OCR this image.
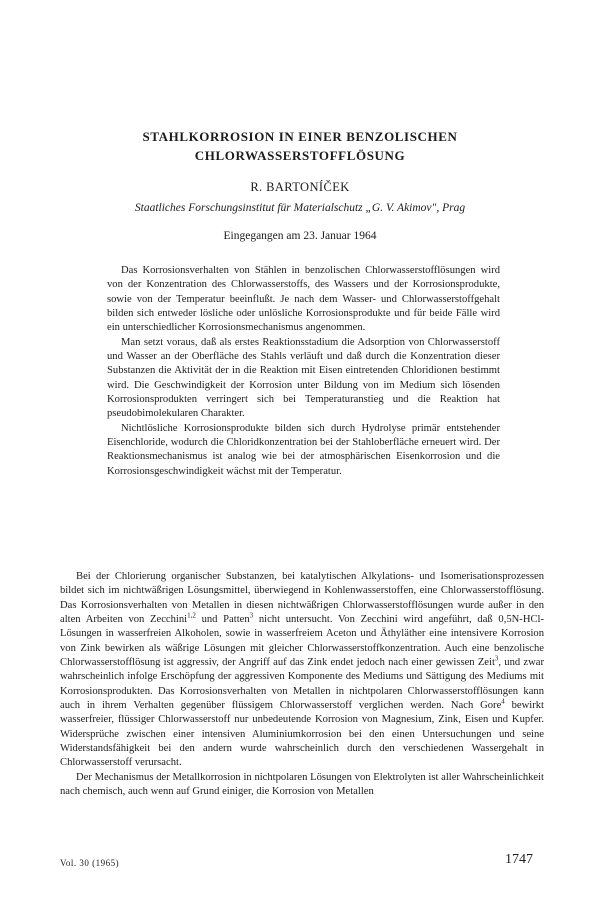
STAHLKORROSION IN EINER BENZOLISCHEN
CHLORWASSERSTOFFLÖSUNG
R. BARTONÍČEK
Staatliches Forschungsinstitut für Materialschutz „G. V. Akimov", Prag
Eingegangen am 23. Januar 1964

Das Korrosionsverhalten von Stählen in benzolischen Chlorwasserstofflösungen wird von der Konzentration des Chlorwasserstoffs, des Wassers und der Korrosionsprodukte, sowie von der Temperatur beeinflußt. Je nach dem Wasser- und Chlorwasserstoffgehalt bilden sich entweder lösliche oder unlösliche Korrosionsprodukte und für beide Fälle wird ein unterschiedlicher Korrosionsmechanismus angenommen.

Man setzt voraus, daß als erstes Reaktionsstadium die Adsorption von Chlorwasserstoff und Wasser an der Oberfläche des Stahls verläuft und daß durch die Konzentration dieser Substanzen die Aktivität der in die Reaktion mit Eisen eintretenden Chloridionen bestimmt wird. Die Geschwindigkeit der Korrosion unter Bildung von im Medium sich lösenden Korrosionsprodukten verringert sich bei Temperaturanstieg und die Reaktion hat pseudobimolekularen Charakter.

Nichtlösliche Korrosionsprodukte bilden sich durch Hydrolyse primär entstehender Eisenchloride, wodurch die Chloridkonzentration bei der Stahloberfläche erneuert wird. Der Reaktionsmechanismus ist analog wie bei der atmosphärischen Eisenkorrosion und die Korrosionsgeschwindigkeit wächst mit der Temperatur.

Bei der Chlorierung organischer Substanzen, bei katalytischen Alkylations- und Isomerisationsprozessen bildet sich im nichtwäßrigen Lösungsmittel, überwiegend in Kohlenwasserstoffen, eine Chlorwasserstofflösung. Das Korrosionsverhalten von Metallen in diesen nichtwäßrigen Chlorwasserstofflösungen wurde außer in den alten Arbeiten von Zecchini$^{1,2}$ und Patten$^3$ nicht untersucht. Von Zecchini wird angeführt, daß 0,5N-HCl-Lösungen in wasserfreien Alkoholen, sowie in wasserfreiem Aceton und Äthyläther eine intensivere Korrosion von Zink bewirken als wäßrige Lösungen mit gleicher Chlorwasserstoffkonzentration. Auch eine benzolische Chlorwasserstofflösung ist aggressiv, der Angriff auf das Zink endet jedoch nach einer gewissen Zeit$^3$, und zwar wahrscheinlich infolge Erschöpfung der aggressiven Komponente des Mediums und Sättigung des Mediums mit Korrosionsprodukten. Das Korrosionsverhalten von Metallen in nichtpolaren Chlorwasserstofflösungen kann auch in ihrem Verhalten gegenüber flüssigem Chlorwasserstoff verglichen werden. Nach Gore$^4$ bewirkt wasserfreier, flüssiger Chlorwasserstoff nur unbedeutende Korrosion von Magnesium, Zink, Eisen und Kupfer. Widersprüche zwischen einer intensiven Aluminiumkorrosion bei den einen Untersuchungen und seine Widerstandsfähigkeit bei den andern wurde wahrscheinlich durch den verschiedenen Wassergehalt in Chlorwasserstoff verursacht.

Der Mechanismus der Metallkorrosion in nichtpolaren Lösungen von Elektrolyten ist aller Wahrscheinlichkeit nach chemisch, auch wenn auf Grund einiger, die Korrosion von Metallen

Vol. 30 (1965)	1747
